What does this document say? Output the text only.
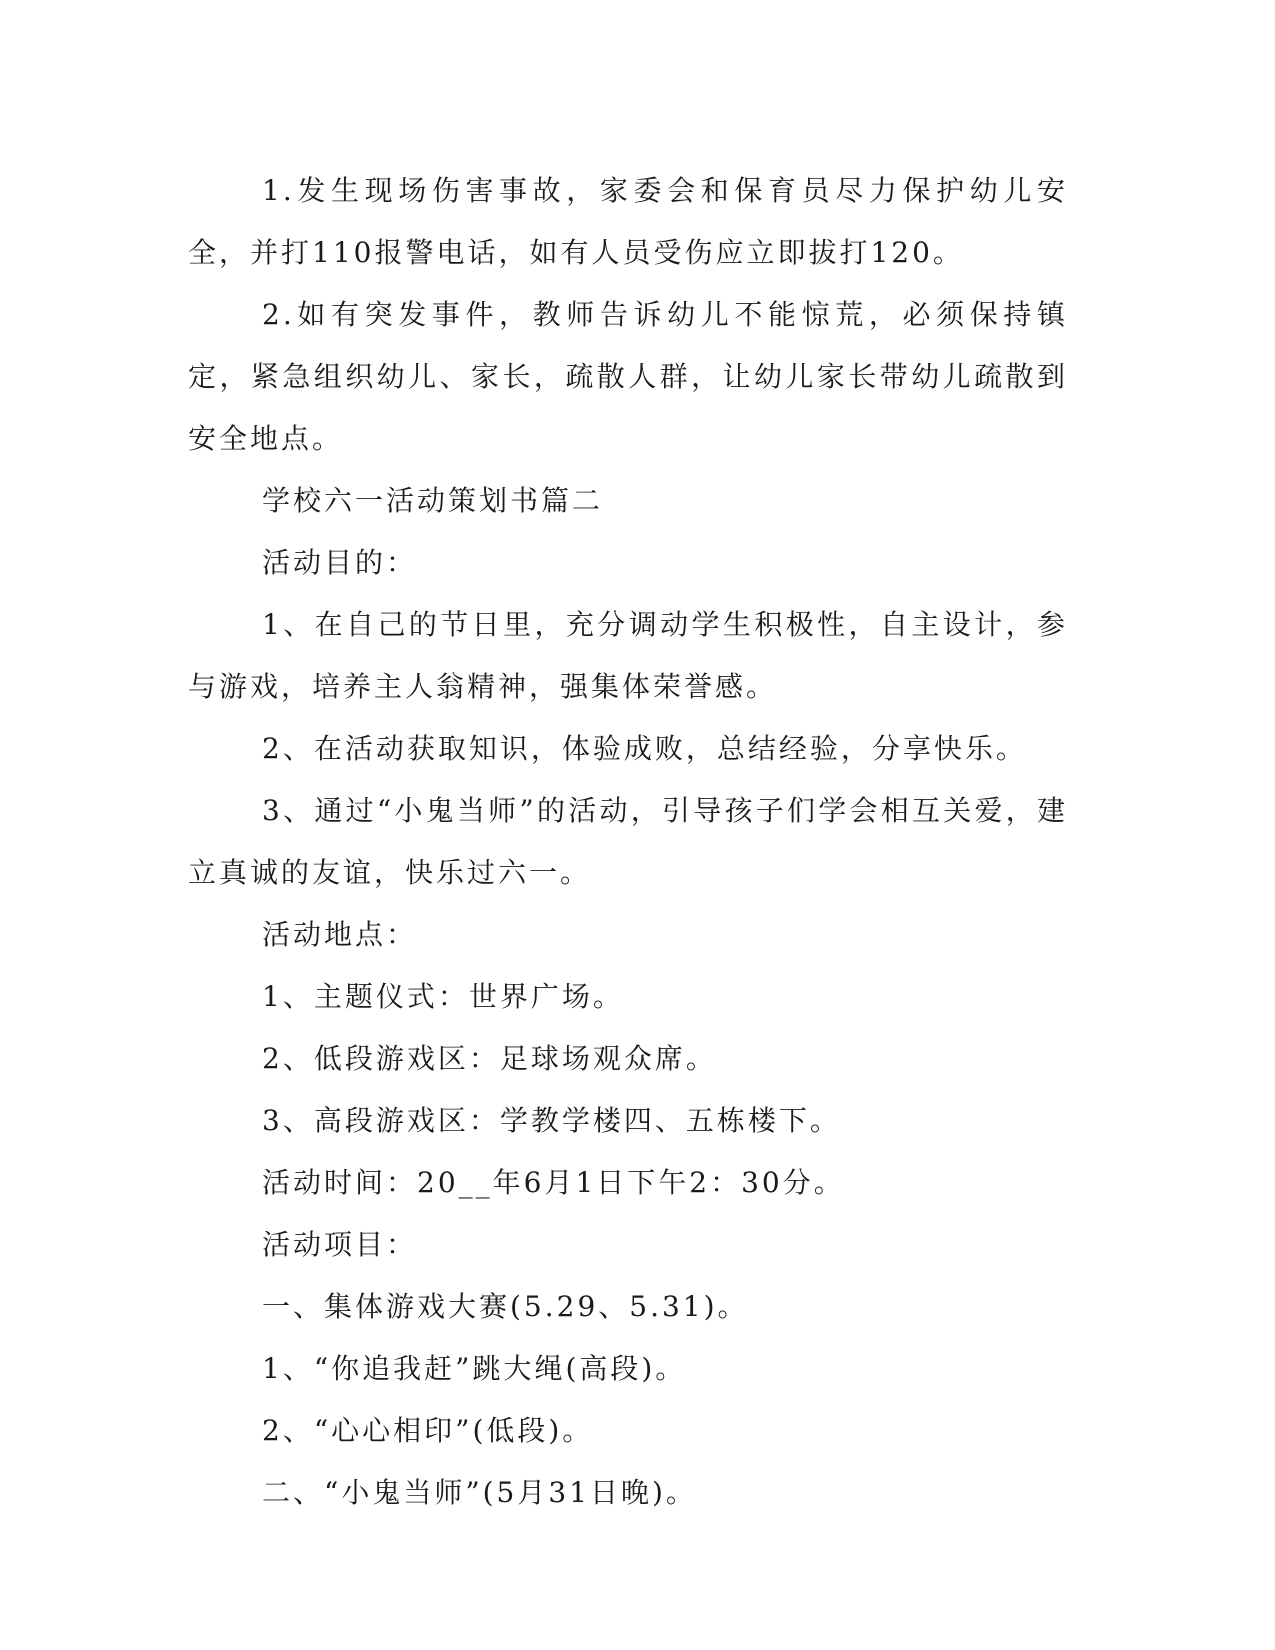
1.发生现场伤害事故，家委会和保育员尽力保护幼儿安全，并打110报警电话，如有人员受伤应立即拔打120。

2.如有突发事件，教师告诉幼儿不能惊荒，必须保持镇定，紧急组织幼儿、家长，疏散人群，让幼儿家长带幼儿疏散到安全地点。

学校六一活动策划书篇二

活动目的：

1、在自己的节日里，充分调动学生积极性，自主设计，参与游戏，培养主人翁精神，强集体荣誉感。

2、在活动获取知识，体验成败，总结经验，分享快乐。

3、通过“小鬼当师”的活动，引导孩子们学会相互关爱，建立真诚的友谊，快乐过六一。

活动地点：

1、主题仪式：世界广场。

2、低段游戏区：足球场观众席。

3、高段游戏区：学教学楼四、五栋楼下。

活动时间：20__年6月1日下午2：30分。

活动项目：

一、集体游戏大赛(5.29、5.31)。

1、“你追我赶”跳大绳(高段)。

2、“心心相印”(低段)。

二、“小鬼当师”(5月31日晚)。
